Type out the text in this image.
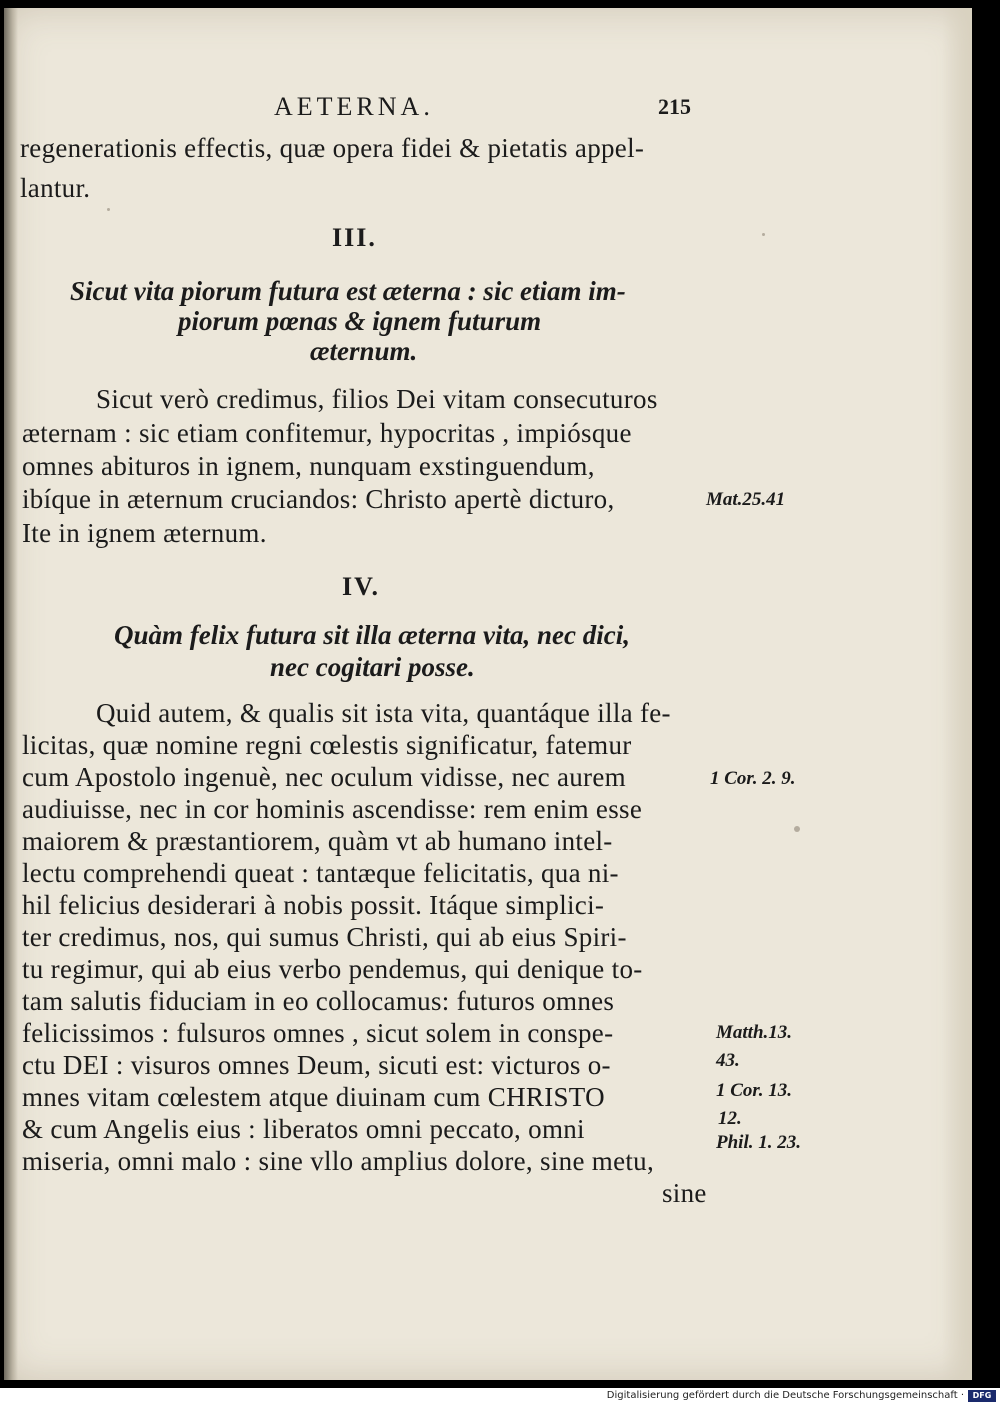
AETERNA.	215
regenerationis effectis, quæ opera fidei & pietatis appel-
lantur.
III.
Sicut vita piorum futura est æterna : sic etiam im-
piorum pœnas & ignem futurum
æternum.
Sicut verò credimus, filios Dei vitam consecuturos
æternam : sic etiam confitemur, hypocritas , impiósque
omnes abituros in ignem, nunquam exstinguendum,
ibíque in æternum cruciandos: Christo apertè dicturo,
Ite in ignem æternum.
Mat.25.41
IV.
Quàm felix futura sit illa æterna vita, nec dici,
nec cogitari posse.
Quid autem, & qualis sit ista vita, quantáque illa fe-
licitas, quæ nomine regni cœlestis significatur, fatemur
cum Apostolo ingenuè, nec oculum vidisse, nec aurem
audiuisse, nec in cor hominis ascendisse: rem enim esse
maiorem & præstantiorem, quàm vt ab humano intel-
lectu comprehendi queat : tantæque felicitatis, qua ni-
hil felicius desiderari à nobis possit. Itáque simplici-
ter credimus, nos, qui sumus Christi, qui ab eius Spiri-
tu regimur, qui ab eius verbo pendemus, qui denique to-
tam salutis fiduciam in eo collocamus: futuros omnes
felicissimos : fulsuros omnes , sicut solem in conspe-
ctu DEI : visuros omnes Deum, sicuti est: victuros o-
mnes vitam cœlestem atque diuinam cum CHRISTO
& cum Angelis eius : liberatos omni peccato, omni
miseria, omni malo : sine vllo amplius dolore, sine metu,
sine
1 Cor. 2. 9.
Matth.13.
43.
1 Cor. 13.
12.
Phil. 1. 23.
Digitalisierung gefördert durch die Deutsche Forschungsgemeinschaft ·	DFG
